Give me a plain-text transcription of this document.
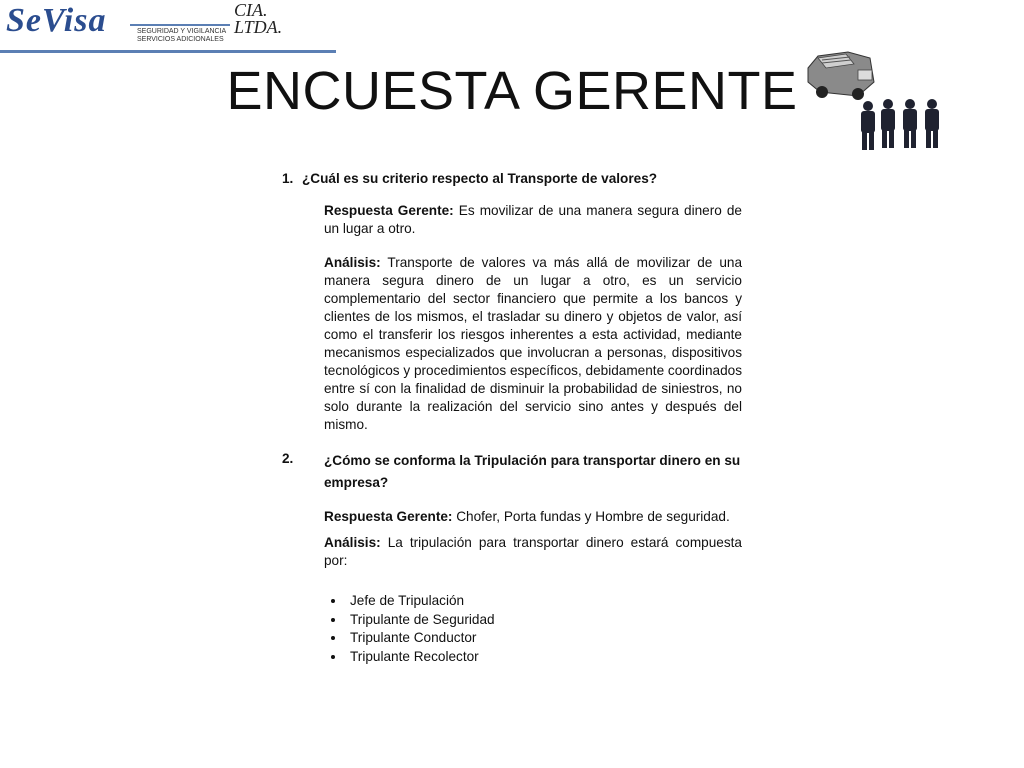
SeVisa	SEGURIDAD Y VIGILANCIA
SERVICIOS ADICIONALES
CIA.
LTDA.
ENCUESTA GERENTE
1. ¿Cuál es su criterio respecto al Transporte de valores?
Respuesta Gerente: Es movilizar de una manera segura dinero de un lugar a otro.
Análisis: Transporte de valores va más allá de movilizar de una manera segura dinero de un lugar a otro, es un servicio complementario del sector financiero que permite a los bancos y clientes de los mismos, el trasladar su dinero y objetos de valor, así como el transferir los riesgos inherentes a esta actividad, mediante mecanismos especializados que involucran a personas, dispositivos tecnológicos y procedimientos específicos, debidamente coordinados entre sí con la finalidad de disminuir la probabilidad de siniestros, no solo durante la realización del servicio sino antes y después del mismo.
2.	¿Cómo se conforma la Tripulación para transportar dinero en su empresa?
Respuesta Gerente: Chofer, Porta fundas y Hombre de seguridad.
Análisis: La tripulación para transportar dinero estará compuesta por:
• Jefe de Tripulación
• Tripulante de Seguridad
• Tripulante Conductor
• Tripulante Recolector
